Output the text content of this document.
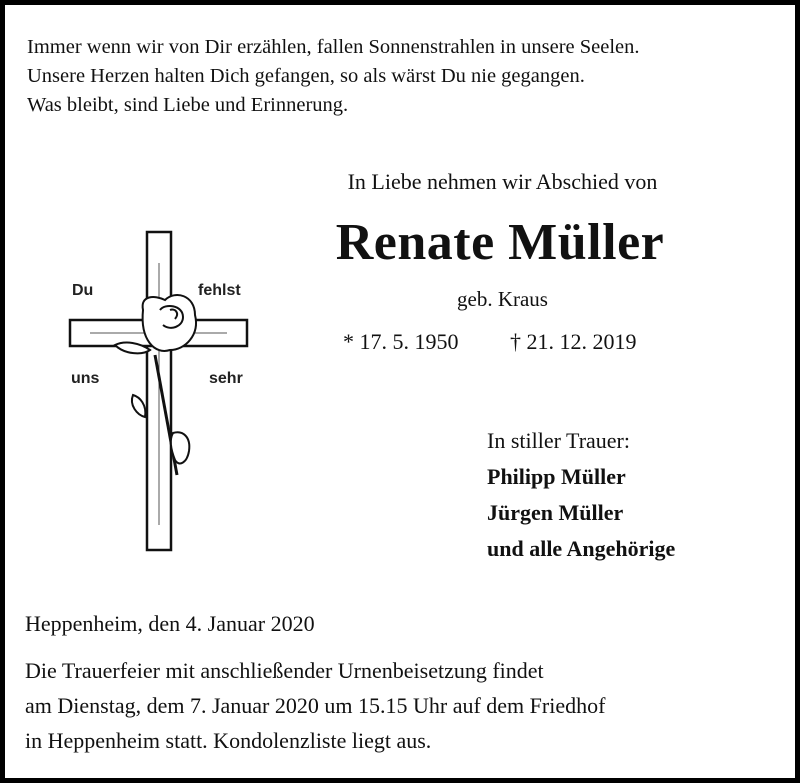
Immer wenn wir von Dir erzählen, fallen Sonnenstrahlen in unsere Seelen.
Unsere Herzen halten Dich gefangen, so als wärst Du nie gegangen.
Was bleibt, sind Liebe und Erinnerung.
In Liebe nehmen wir Abschied von
Renate Müller
geb. Kraus
* 17. 5. 1950 † 21. 12. 2019
Du	fehlst
uns	sehr
In stiller Trauer:
Philipp Müller
Jürgen Müller
und alle Angehörige
Heppenheim, den 4. Januar 2020
Die Trauerfeier mit anschließender Urnenbeisetzung findet
am Dienstag, dem 7. Januar 2020 um 15.15 Uhr auf dem Friedhof
in Heppenheim statt. Kondolenzliste liegt aus.
